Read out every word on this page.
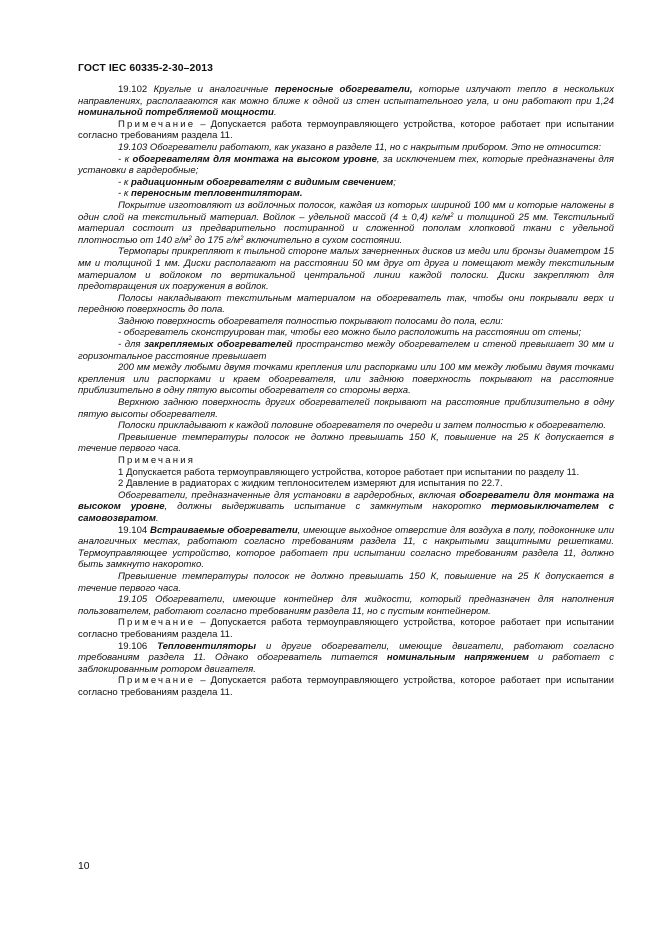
ГОСТ IEC 60335-2-30–2013

19.102 Круглые и аналогичные переносные обогреватели, которые излучают тепло в нескольких направлениях, располагаются как можно ближе к одной из стен испытательного угла, и они работают при 1,24 номинальной потребляемой мощности.

Примечание – Допускается работа термоуправляющего устройства, которое работает при испытании согласно требованиям раздела 11.

19.103 Обогреватели работают, как указано в разделе 11, но с накрытым прибором. Это не относится:

- к обогревателям для монтажа на высоком уровне, за исключением тех, которые предназначены для установки в гардеробные;

- к радиационным обогревателям с видимым свечением;

- к переносным тепловентиляторам.

Покрытие изготовляют из войлочных полосок, каждая из которых шириной 100 мм и которые наложены в один слой на текстильный материал. Войлок – удельной массой (4 ± 0,4) $кг/м^2$ и толщиной 25 мм. Текстильный материал состоит из предварительно постиранной и сложенной пополам хлопковой ткани с удельной плотностью от 140 $г/м^2$ до 175 $г/м^2$ включительно в сухом состоянии.

Термопары прикрепляют к тыльной стороне малых зачерненных дисков из меди или бронзы диаметром 15 мм и толщиной 1 мм. Диски располагают на расстоянии 50 мм друг от друга и помещают между текстильным материалом и войлоком по вертикальной центральной линии каждой полоски. Диски закрепляют для предотвращения их погружения в войлок.

Полосы накладывают текстильным материалом на обогреватель так, чтобы они покрывали верх и переднюю поверхность до пола.

Заднюю поверхность обогревателя полностью покрывают полосами до пола, если:

- обогреватель сконструирован так, чтобы его можно было расположить на расстоянии от стены;

- для закрепляемых обогревателей пространство между обогревателем и стеной превышает 30 мм и горизонтальное расстояние превышает

200 мм между любыми двумя точками крепления или распорками или 100 мм между любыми двумя точками крепления или распорками и краем обогревателя, или заднюю поверхность покрывают на расстояние приблизительно в одну пятую высоты обогревателя со стороны верха.

Верхнюю заднюю поверхность других обогревателей покрывают на расстояние приблизительно в одну пятую высоты обогревателя.

Полоски прикладывают к каждой половине обогревателя по очереди и затем полностью к обогревателю.

Превышение температуры полосок не должно превышать 150 К, повышение на 25 К допускается в течение первого часа.

Примечания

1 Допускается работа термоуправляющего устройства, которое работает при испытании по разделу 11.

2 Давление в радиаторах с жидким теплоносителем измеряют для испытания по 22.7.

Обогреватели, предназначенные для установки в гардеробных, включая обогреватели для монтажа на высоком уровне, должны выдерживать испытание с замкнутым накоротко термовыключателем с самовозвратом.

19.104 Встраиваемые обогреватели, имеющие выходное отверстие для воздуха в полу, подоконнике или аналогичных местах, работают согласно требованиям раздела 11, с накрытыми защитными решетками. Термоуправляющее устройство, которое работает при испытании согласно требованиям раздела 11, должно быть замкнуто накоротко.

Превышение температуры полосок не должно превышать 150 К, повышение на 25 К допускается в течение первого часа.

19.105 Обогреватели, имеющие контейнер для жидкости, который предназначен для наполнения пользователем, работают согласно требованиям раздела 11, но с пустым контейнером.

Примечание – Допускается работа термоуправляющего устройства, которое работает при испытании согласно требованиям раздела 11.

19.106 Тепловентиляторы и другие обогреватели, имеющие двигатели, работают согласно требованиям раздела 11. Однако обогреватель питается номинальным напряжением и работает с заблокированным ротором двигателя.

Примечание – Допускается работа термоуправляющего устройства, которое работает при испытании согласно требованиям раздела 11.

10
